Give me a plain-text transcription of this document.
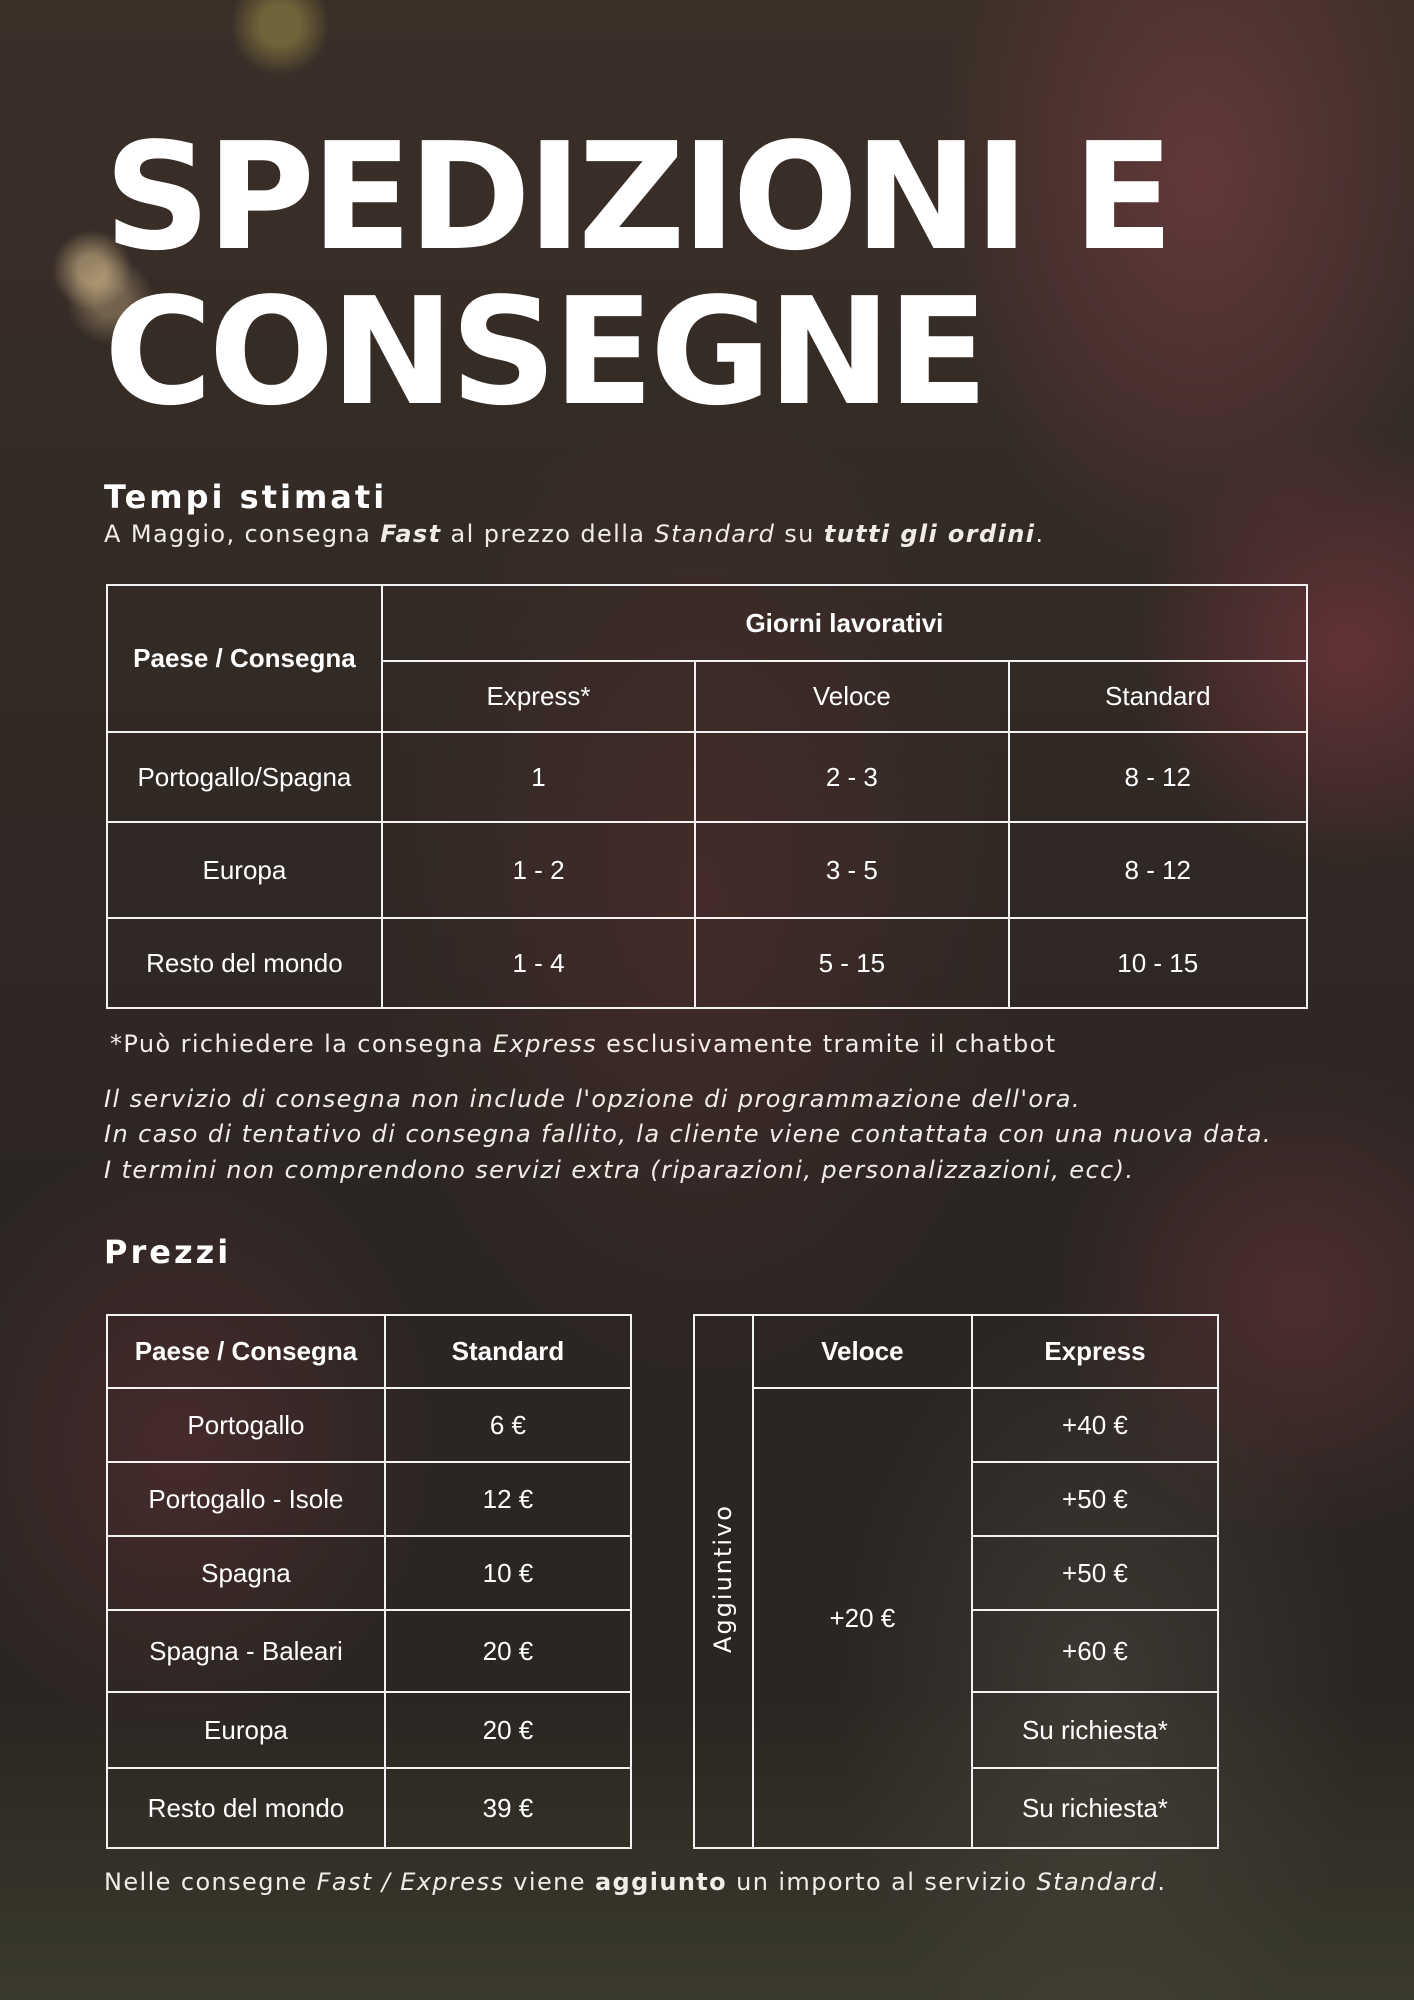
SPEDIZIONI E
CONSEGNE
Tempi stimati

A Maggio, consegna Fast al prezzo della Standard su tutti gli ordini.

Paese / Consegna	Giorni lavorativi		
	Express*	Veloce	Standard
Portogallo/Spagna	1	2 - 3	8 - 12
Europa	1 - 2	3 - 5	8 - 12
Resto del mondo	1 - 4	5 - 15	10 - 15

*Può richiedere la consegna Express esclusivamente tramite il chatbot

Il servizio di consegna non include l'opzione di programmazione dell'ora.

In caso di tentativo di consegna fallito, la cliente viene contattata con una nuova data.

I termini non comprendono servizi extra (riparazioni, personalizzazioni, ecc).

Prezzi
Paese / Consegna	Standard
Portogallo	6 €
Portogallo - Isole	12 €
Spagna	10 €
Spagna - Baleari	20 €
Europa	20 €
Resto del mondo	39 €
Aggiuntivo	Veloce	Express
	+20 €	+40 €
		+50 €
		+50 €
		+60 €
		Su richiesta*
		Su richiesta*

Nelle consegne Fast / Express viene aggiunto un importo al servizio Standard.
